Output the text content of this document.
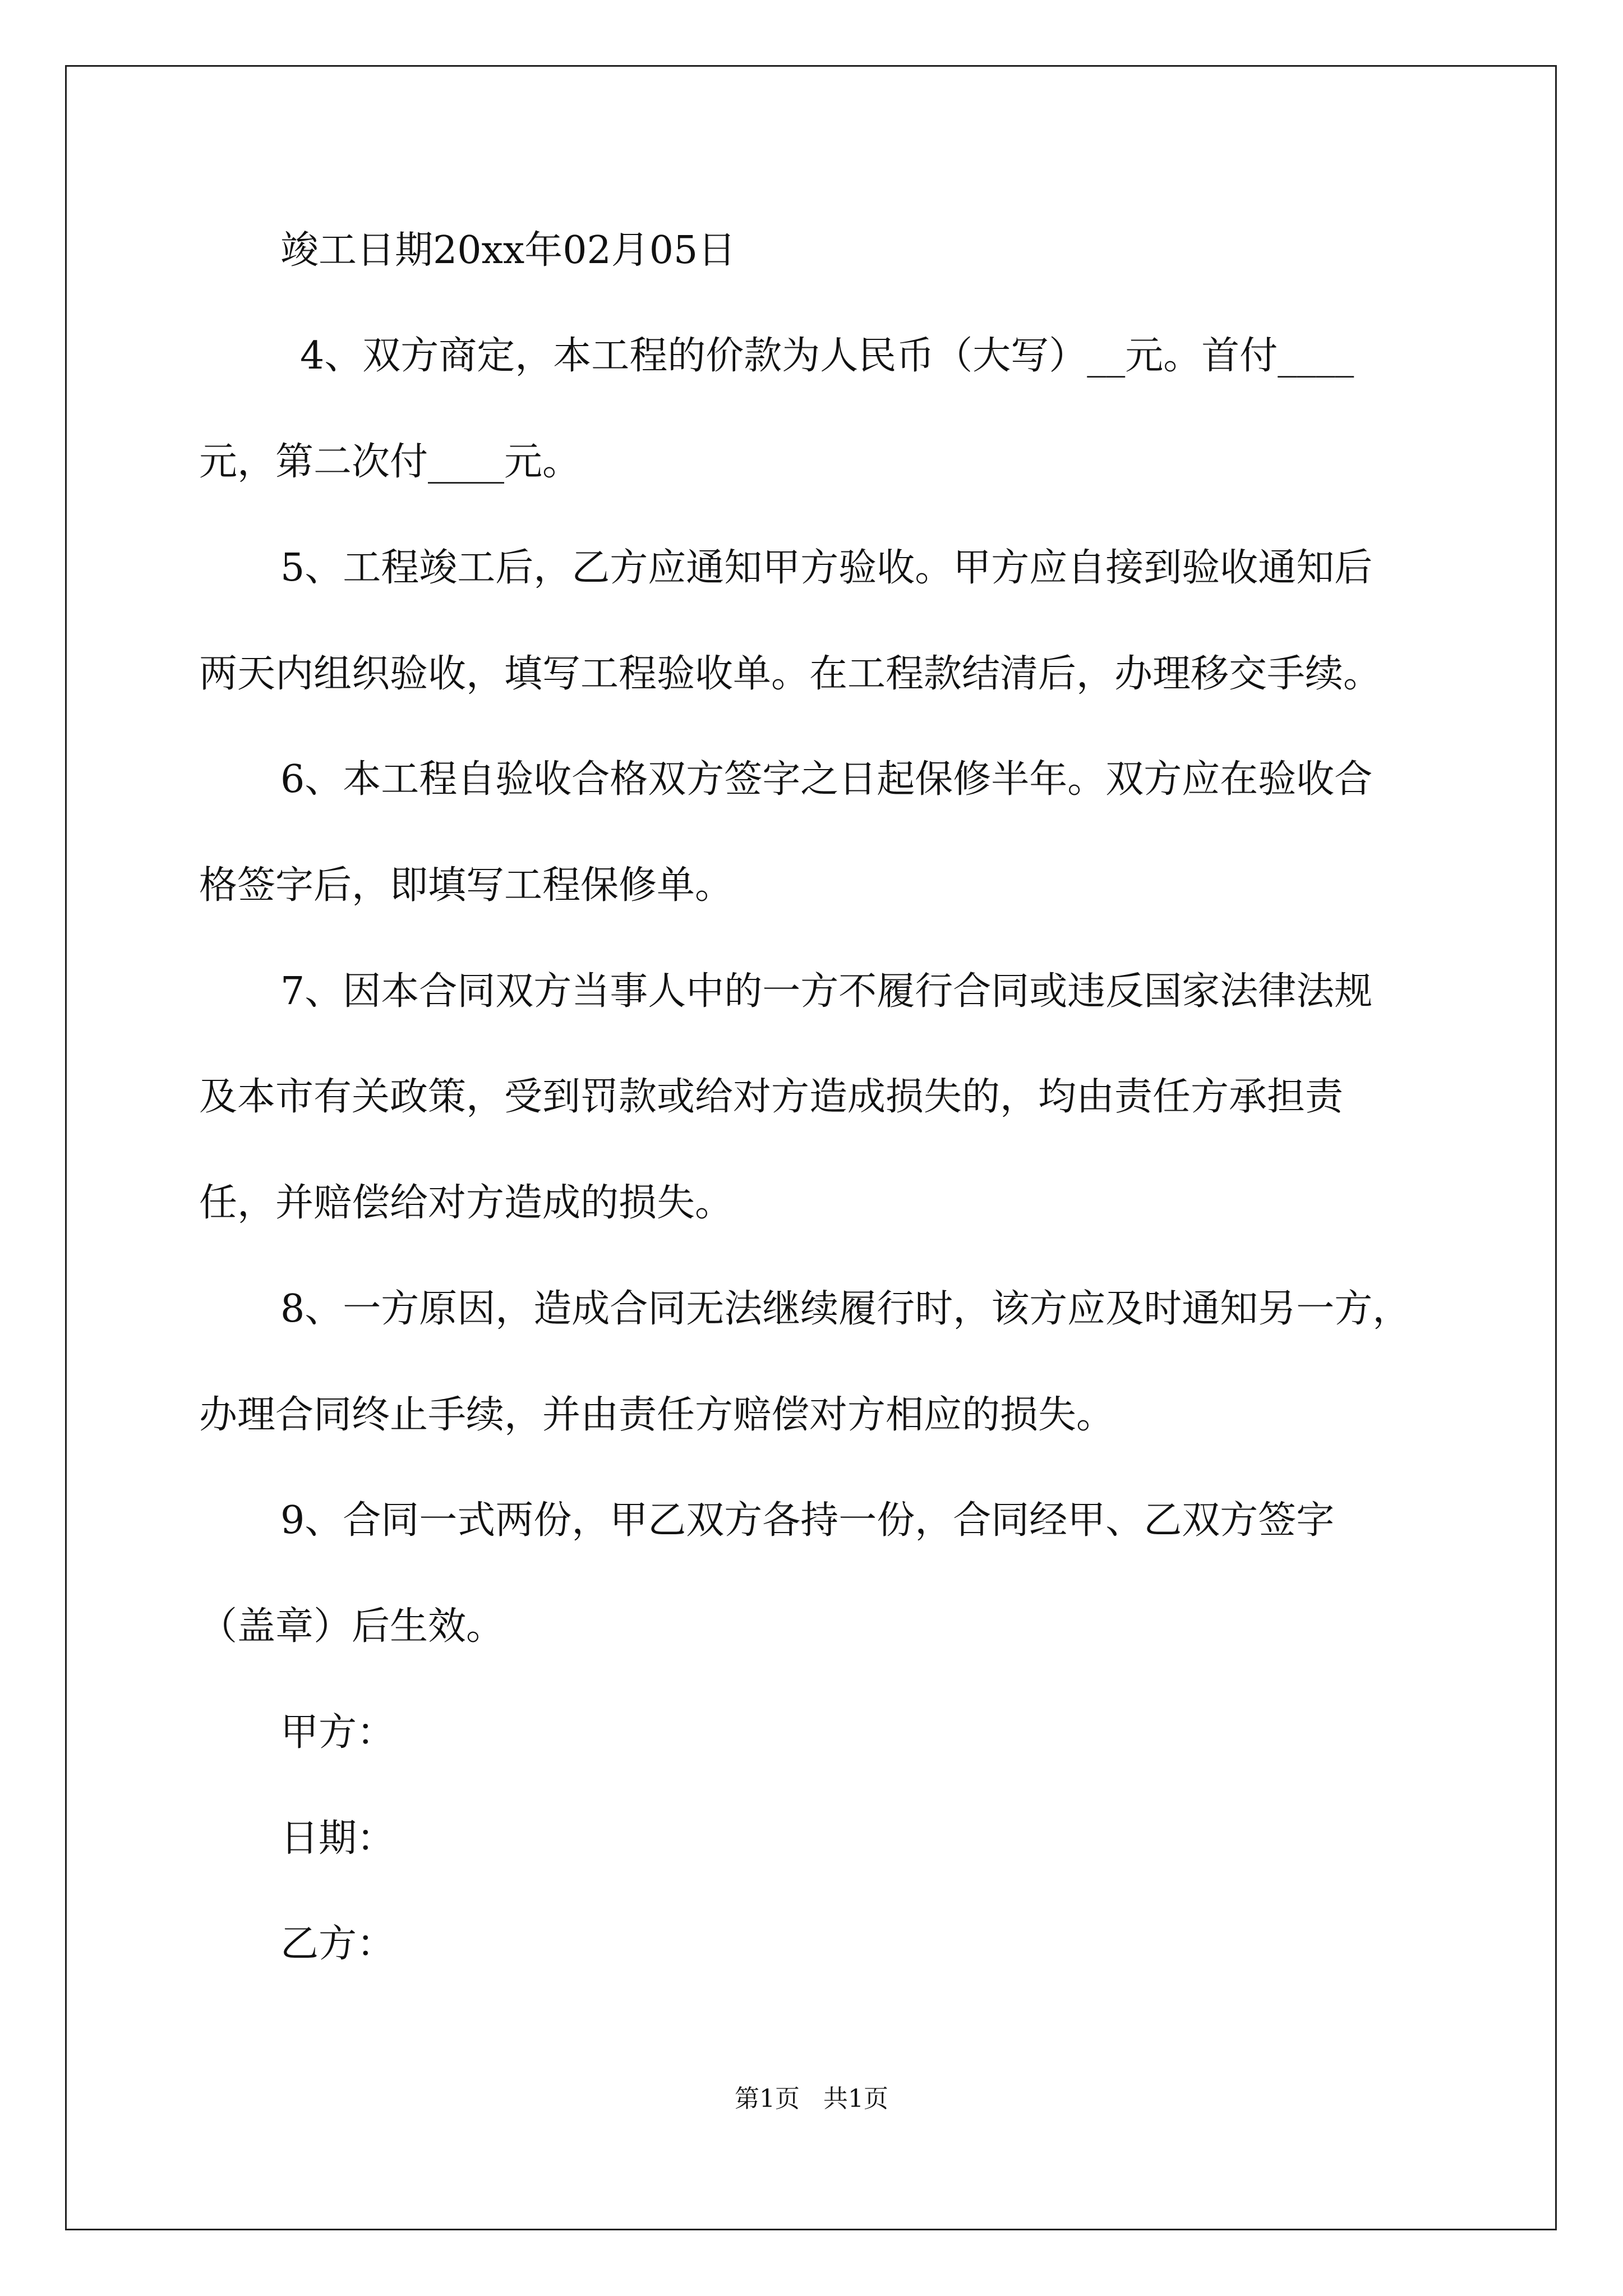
竣工日期20xx年02月05日
4、双方商定，本工程的价款为人民币（大写）__元。首付____
元，第二次付____元。
5、工程竣工后，乙方应通知甲方验收。甲方应自接到验收通知后
两天内组织验收，填写工程验收单。在工程款结清后，办理移交手续。
6、本工程自验收合格双方签字之日起保修半年。双方应在验收合
格签字后，即填写工程保修单。
7、因本合同双方当事人中的一方不履行合同或违反国家法律法规
及本市有关政策，受到罚款或给对方造成损失的，均由责任方承担责
任，并赔偿给对方造成的损失。
8、一方原因，造成合同无法继续履行时，该方应及时通知另一方，
办理合同终止手续，并由责任方赔偿对方相应的损失。
9、合同一式两份，甲乙双方各持一份，合同经甲、乙双方签字
（盖章）后生效。
甲方：
日期：
乙方：
第1页   共1页
